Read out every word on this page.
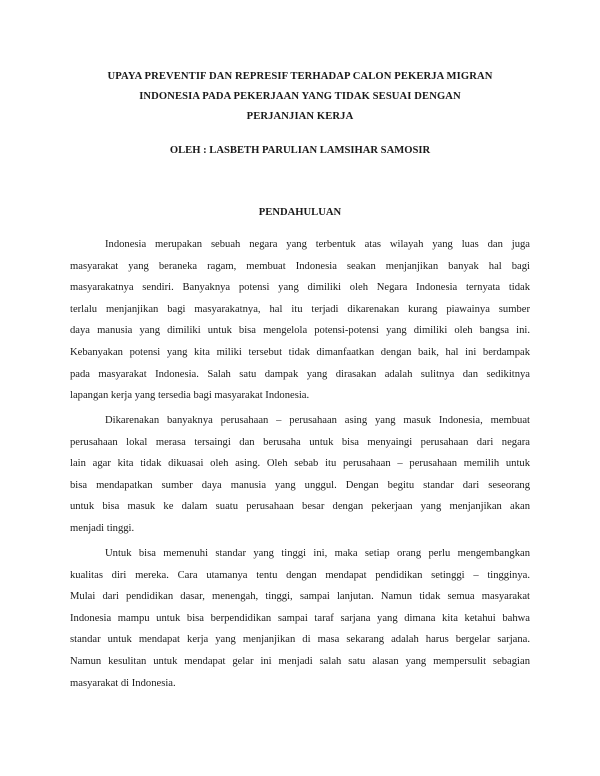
UPAYA PREVENTIF DAN REPRESIF TERHADAP CALON PEKERJA MIGRAN
INDONESIA PADA PEKERJAAN YANG TIDAK SESUAI DENGAN
PERJANJIAN KERJA
OLEH : LASBETH PARULIAN LAMSIHAR SAMOSIR
PENDAHULUAN
Indonesia merupakan sebuah negara yang terbentuk atas wilayah yang luas dan juga
masyarakat yang beraneka ragam, membuat Indonesia seakan menjanjikan banyak hal bagi
masyarakatnya sendiri. Banyaknya potensi yang dimiliki oleh Negara Indonesia ternyata tidak
terlalu menjanjikan bagi masyarakatnya, hal itu terjadi dikarenakan kurang piawainya sumber
daya manusia yang dimiliki untuk bisa mengelola potensi-potensi yang dimiliki oleh bangsa ini.
Kebanyakan potensi yang kita miliki tersebut tidak dimanfaatkan dengan baik, hal ini berdampak
pada masyarakat Indonesia. Salah satu dampak yang dirasakan adalah sulitnya dan sedikitnya
lapangan kerja yang tersedia bagi masyarakat Indonesia.
Dikarenakan banyaknya perusahaan – perusahaan asing yang masuk Indonesia, membuat
perusahaan lokal merasa tersaingi dan berusaha untuk bisa menyaingi perusahaan dari negara
lain agar kita tidak dikuasai oleh asing. Oleh sebab itu perusahaan – perusahaan memilih untuk
bisa mendapatkan sumber daya manusia yang unggul. Dengan begitu standar dari seseorang
untuk bisa masuk ke dalam suatu perusahaan besar dengan pekerjaan yang menjanjikan akan
menjadi tinggi.
Untuk bisa memenuhi standar yang tinggi ini, maka setiap orang perlu mengembangkan
kualitas diri mereka. Cara utamanya tentu dengan mendapat pendidikan setinggi – tingginya.
Mulai dari pendidikan dasar, menengah, tinggi, sampai lanjutan. Namun tidak semua masyarakat
Indonesia mampu untuk bisa berpendidikan sampai taraf sarjana yang dimana kita ketahui bahwa
standar untuk mendapat kerja yang menjanjikan di masa sekarang adalah harus bergelar sarjana.
Namun kesulitan untuk mendapat gelar ini menjadi salah satu alasan yang mempersulit sebagian
masyarakat di Indonesia.
